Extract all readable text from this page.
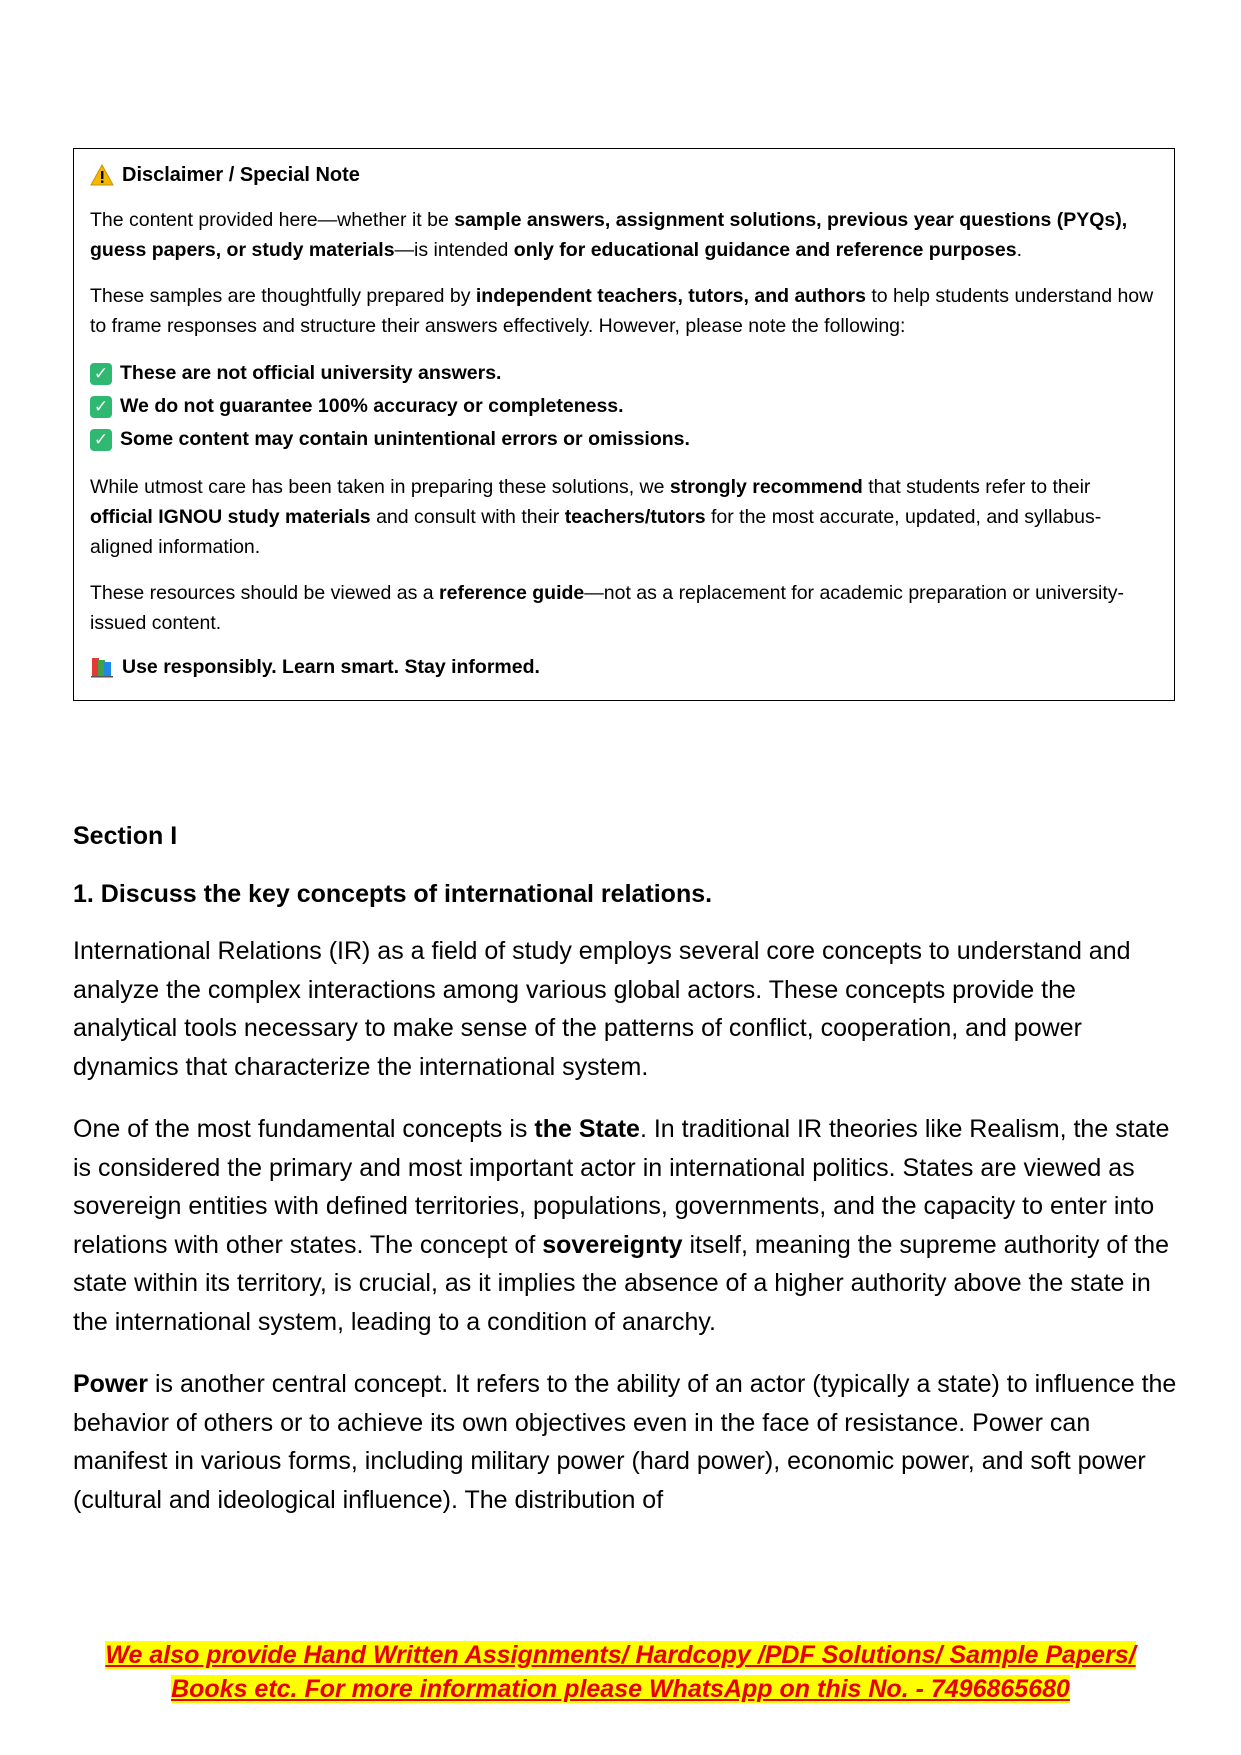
Disclaimer / Special Note

The content provided here—whether it be sample answers, assignment solutions, previous year questions (PYQs), guess papers, or study materials—is intended only for educational guidance and reference purposes.

These samples are thoughtfully prepared by independent teachers, tutors, and authors to help students understand how to frame responses and structure their answers effectively. However, please note the following:

✓ These are not official university answers.
✓ We do not guarantee 100% accuracy or completeness.
✓ Some content may contain unintentional errors or omissions.

While utmost care has been taken in preparing these solutions, we strongly recommend that students refer to their official IGNOU study materials and consult with their teachers/tutors for the most accurate, updated, and syllabus-aligned information.

These resources should be viewed as a reference guide—not as a replacement for academic preparation or university-issued content.

Use responsibly. Learn smart. Stay informed.
Section I
1. Discuss the key concepts of international relations.

International Relations (IR) as a field of study employs several core concepts to understand and analyze the complex interactions among various global actors. These concepts provide the analytical tools necessary to make sense of the patterns of conflict, cooperation, and power dynamics that characterize the international system.

One of the most fundamental concepts is the State. In traditional IR theories like Realism, the state is considered the primary and most important actor in international politics. States are viewed as sovereign entities with defined territories, populations, governments, and the capacity to enter into relations with other states. The concept of sovereignty itself, meaning the supreme authority of the state within its territory, is crucial, as it implies the absence of a higher authority above the state in the international system, leading to a condition of anarchy.

Power is another central concept. It refers to the ability of an actor (typically a state) to influence the behavior of others or to achieve its own objectives even in the face of resistance. Power can manifest in various forms, including military power (hard power), economic power, and soft power (cultural and ideological influence). The distribution of

We also provide Hand Written Assignments/ Hardcopy /PDF Solutions/ Sample Papers/
Books etc. For more information please WhatsApp on this No. - 7496865680
